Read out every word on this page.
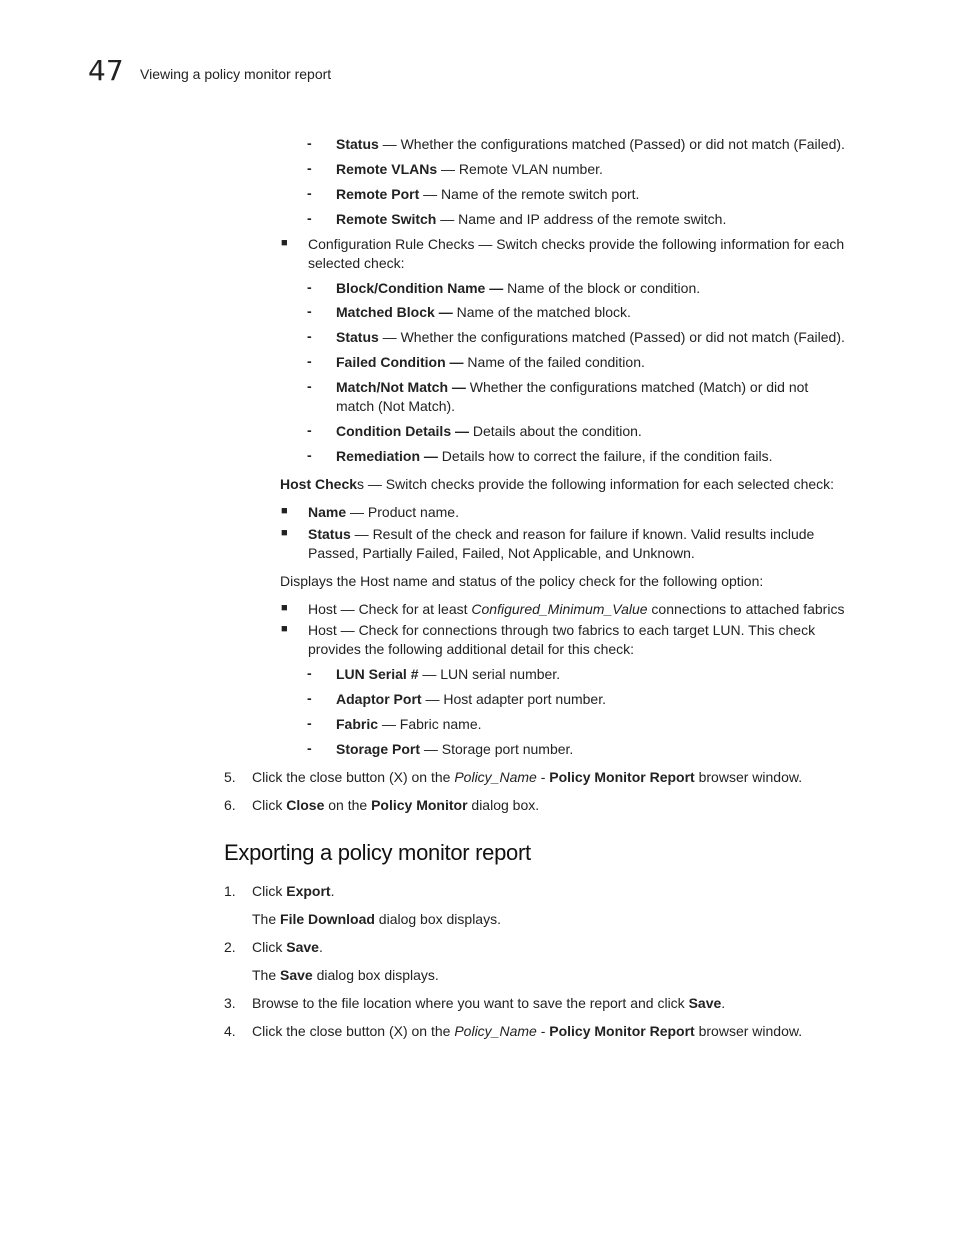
47 Viewing a policy monitor report
- Status — Whether the configurations matched (Passed) or did not match (Failed).
- Remote VLANs — Remote VLAN number.
- Remote Port — Name of the remote switch port.
- Remote Switch — Name and IP address of the remote switch.
■ Configuration Rule Checks — Switch checks provide the following information for each
selected check:
- Block/Condition Name — Name of the block or condition.
- Matched Block — Name of the matched block.
- Status — Whether the configurations matched (Passed) or did not match (Failed).
- Failed Condition — Name of the failed condition.
- Match/Not Match — Whether the configurations matched (Match) or did not
match (Not Match).
- Condition Details — Details about the condition.
- Remediation — Details how to correct the failure, if the condition fails.
Host Checks — Switch checks provide the following information for each selected check:
■ Name — Product name.
■ Status — Result of the check and reason for failure if known. Valid results include
Passed, Partially Failed, Failed, Not Applicable, and Unknown.
Displays the Host name and status of the policy check for the following option:
■ Host — Check for at least Configured_Minimum_Value connections to attached fabrics
■ Host — Check for connections through two fabrics to each target LUN. This check
provides the following additional detail for this check:
- LUN Serial # — LUN serial number.
- Adaptor Port — Host adapter port number.
- Fabric — Fabric name.
- Storage Port — Storage port number.
5. Click the close button (X) on the Policy_Name - Policy Monitor Report browser window.
6. Click Close on the Policy Monitor dialog box.
Exporting a policy monitor report
1. Click Export.
The File Download dialog box displays.
2. Click Save.
The Save dialog box displays.
3. Browse to the file location where you want to save the report and click Save.
4. Click the close button (X) on the Policy_Name - Policy Monitor Report browser window.
